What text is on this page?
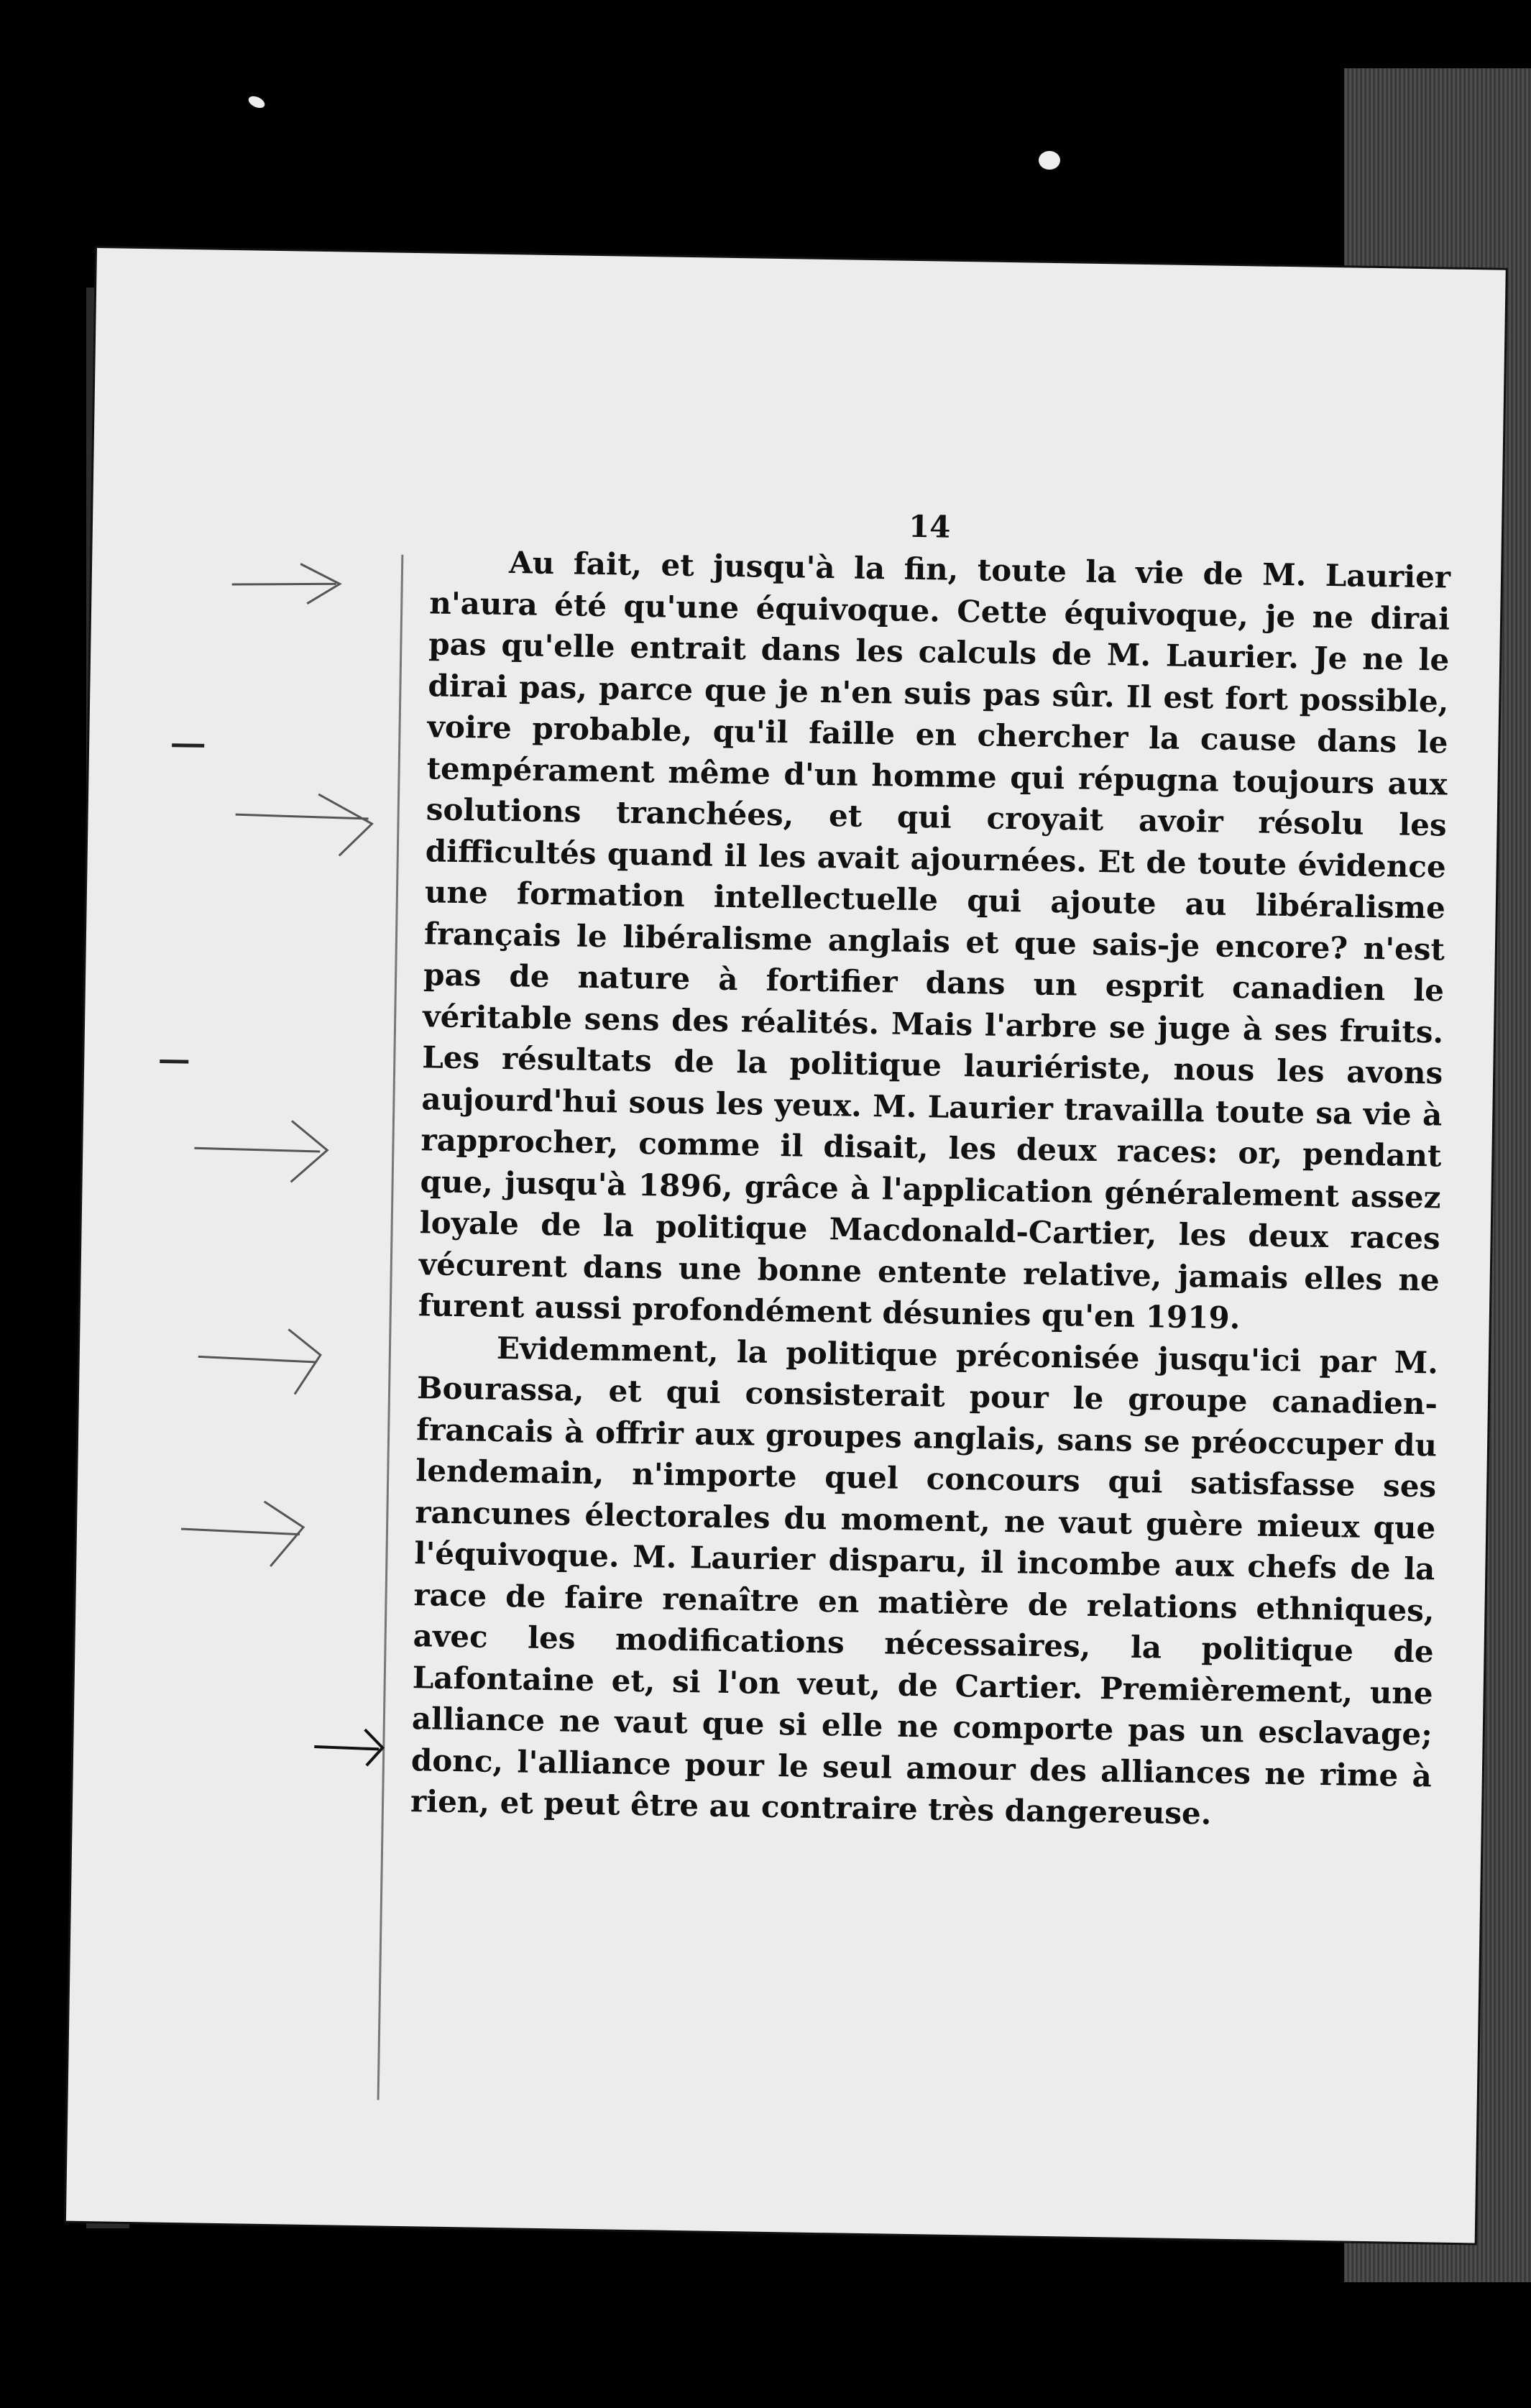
14

Au fait, et jusqu'à la fin, toute la vie de M. Laurier n'aura été qu'une équivoque. Cette équivoque, je ne dirai pas qu'elle entrait dans les calculs de M. Laurier. Je ne le dirai pas, parce que je n'en suis pas sûr. Il est fort possible, voire probable, qu'il faille en chercher la cause dans le tempérament même d'un homme qui répugna toujours aux solutions tranchées, et qui croyait avoir résolu les difficultés quand il les avait ajournées. Et de toute évidence une formation intellectuelle qui ajoute au libéralisme français le libéralisme anglais et que sais-je encore? n'est pas de nature à fortifier dans un esprit canadien le véritable sens des réalités. Mais l'arbre se juge à ses fruits. Les résultats de la politique lauriériste, nous les avons aujourd'hui sous les yeux. M. Laurier travailla toute sa vie à rapprocher, comme il disait, les deux races: or, pendant que, jusqu'à 1896, grâce à l'application généralement assez loyale de la politique Macdonald-Cartier, les deux races vécurent dans une bonne entente relative, jamais elles ne furent aussi profondément désunies qu'en 1919.

Evidemment, la politique préconisée jusqu'ici par M. Bourassa, et qui consisterait pour le groupe canadien-francais à offrir aux groupes anglais, sans se préoccuper du lendemain, n'importe quel concours qui satisfasse ses rancunes électorales du moment, ne vaut guère mieux que l'équivoque. M. Laurier disparu, il incombe aux chefs de la race de faire renaître en matière de relations ethniques, avec les modifications nécessaires, la politique de Lafontaine et, si l'on veut, de Cartier. Premièrement, une alliance ne vaut que si elle ne comporte pas un esclavage; donc, l'alliance pour le seul amour des alliances ne rime à rien, et peut être au contraire très dangereuse.
